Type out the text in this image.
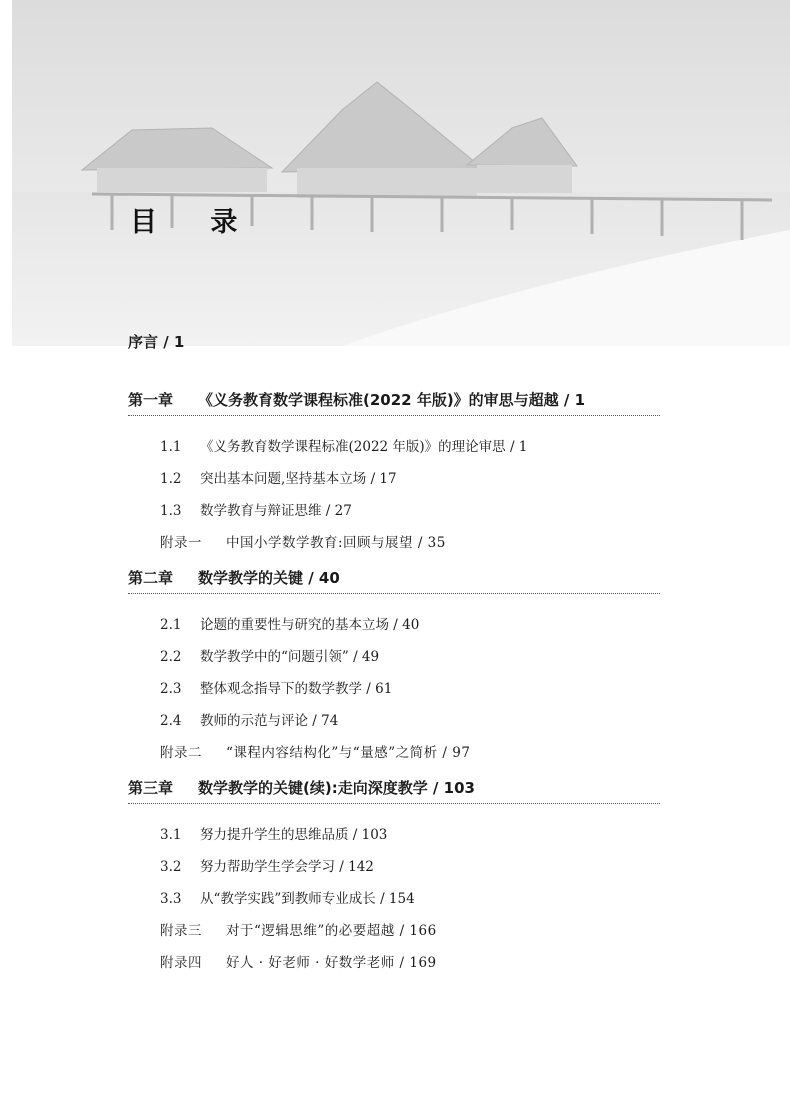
目 录
序言 / 1
第一章 《义务教育数学课程标准(2022 年版)》的审思与超越 / 1
1.1 《义务教育数学课程标准(2022 年版)》的理论审思 / 1
1.2 突出基本问题,坚持基本立场 / 17
1.3 数学教育与辩证思维 / 27
附录一 中国小学数学教育:回顾与展望 / 35
第二章 数学教学的关键 / 40
2.1 论题的重要性与研究的基本立场 / 40
2.2 数学教学中的“问题引领” / 49
2.3 整体观念指导下的数学教学 / 61
2.4 教师的示范与评论 / 74
附录二 “课程内容结构化”与“量感”之简析 / 97
第三章 数学教学的关键(续):走向深度教学 / 103
3.1 努力提升学生的思维品质 / 103
3.2 努力帮助学生学会学习 / 142
3.3 从“教学实践”到教师专业成长 / 154
附录三 对于“逻辑思维”的必要超越 / 166
附录四 好人 · 好老师 · 好数学老师 / 169
